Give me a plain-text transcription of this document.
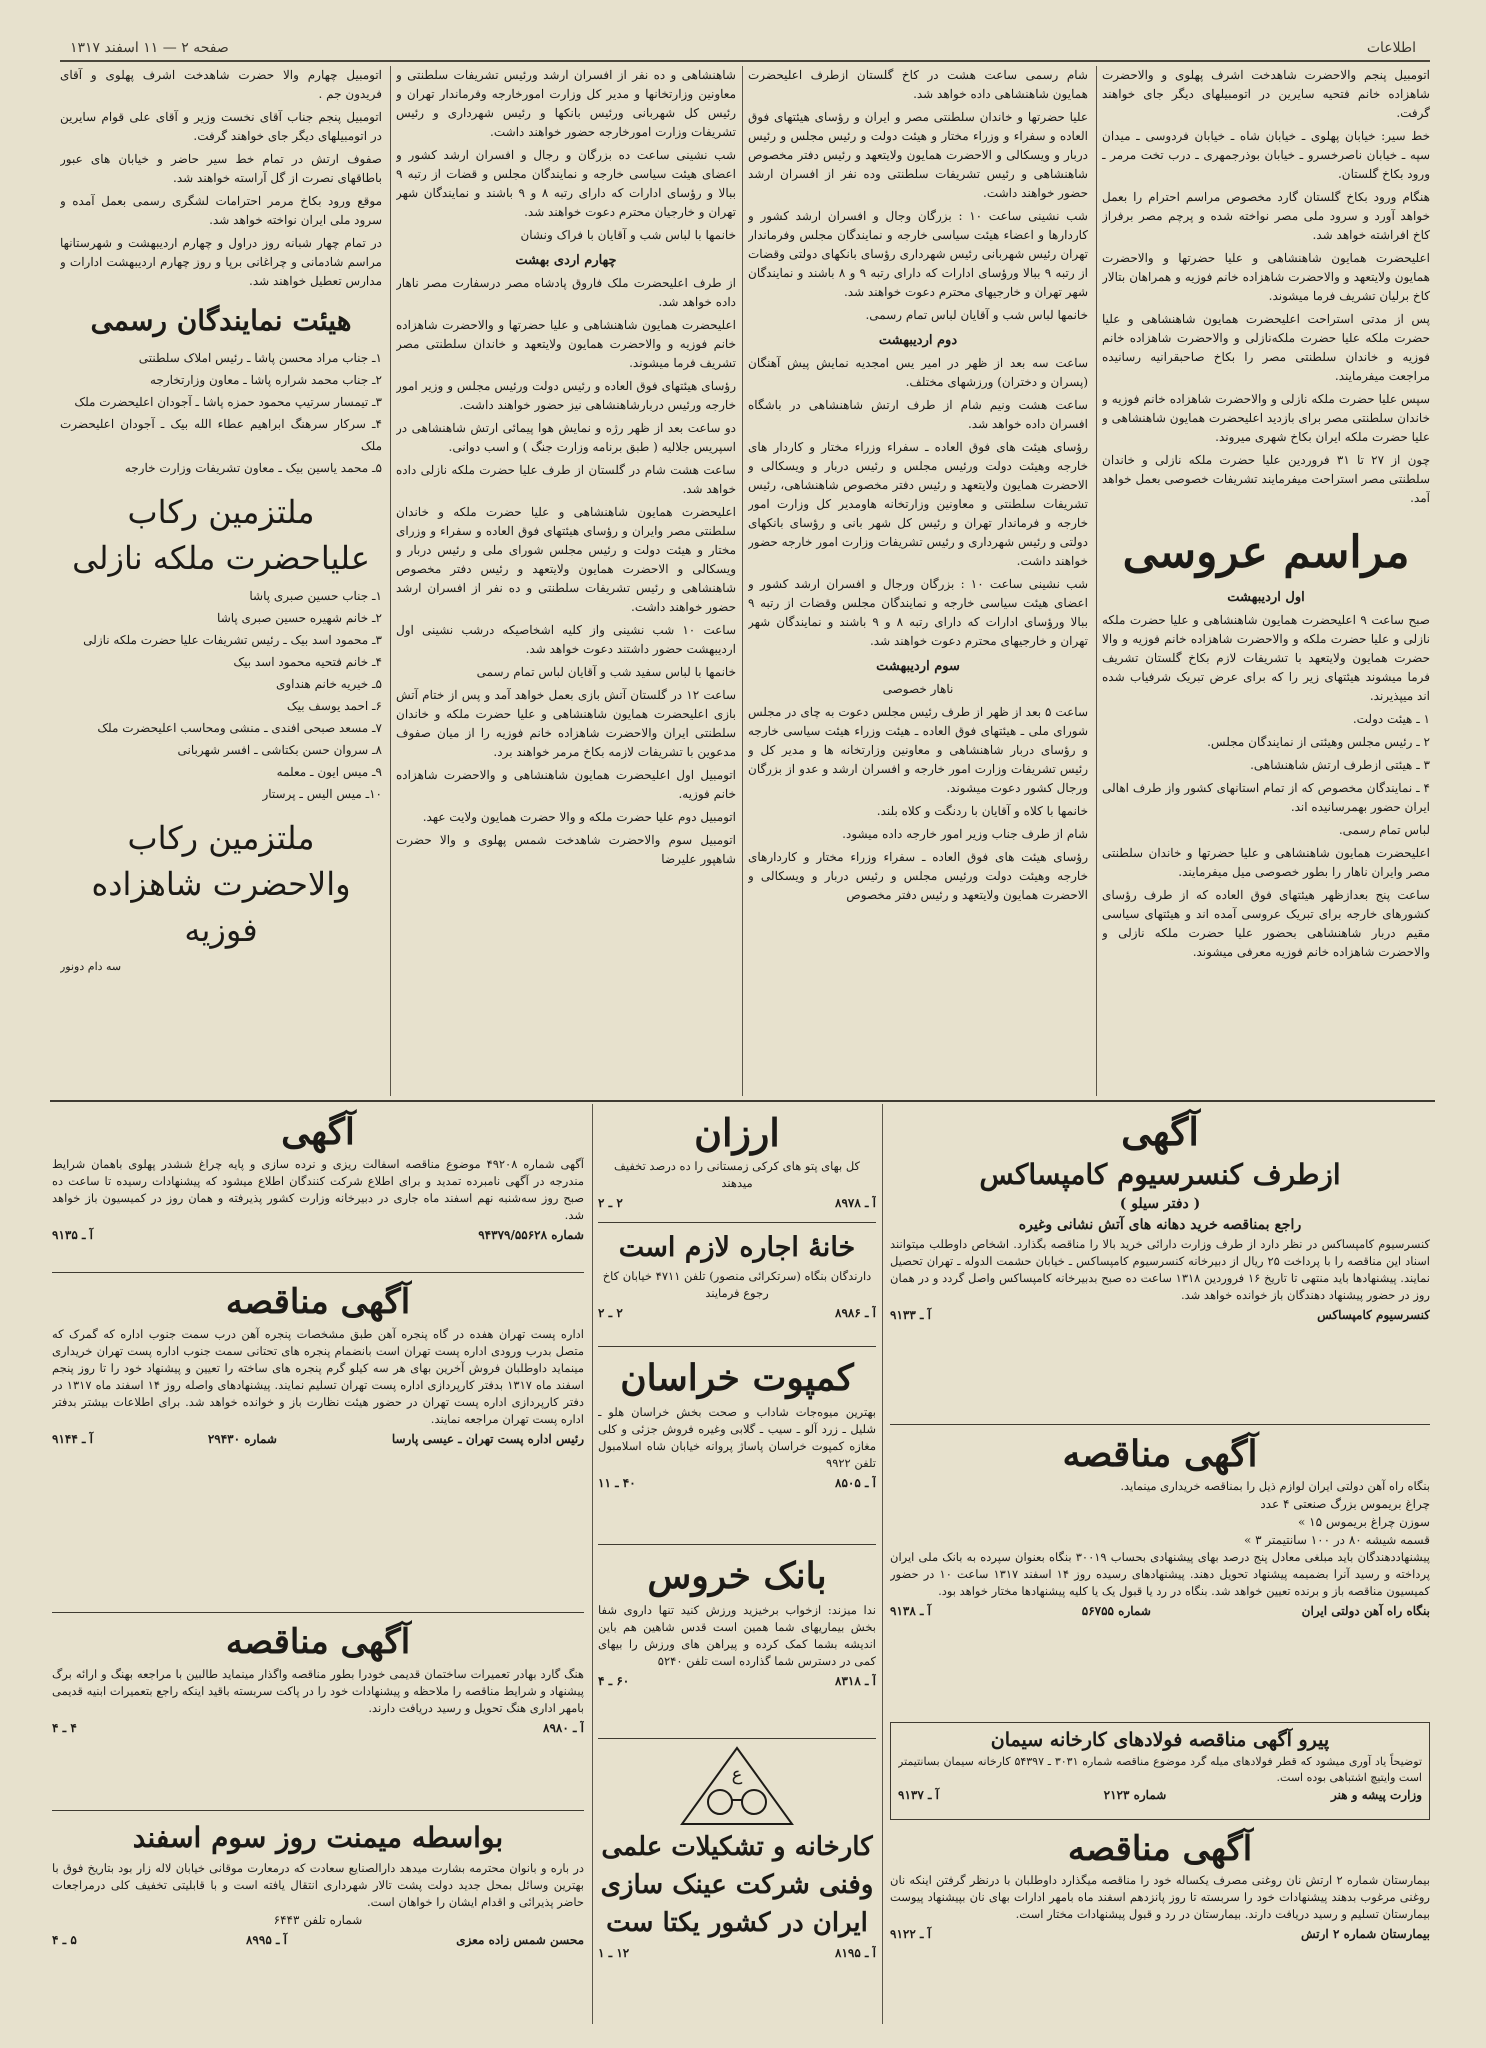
اطلاعات
صفحه ۲ — ۱۱ اسفند ۱۳۱۷

اتومبیل پنجم والاحضرت شاهدخت اشرف پهلوی و والاحضرت شاهزاده خانم فتحیه سایرین در اتومبیلهای دیگر جای خواهند گرفت.

خط سیر: خیابان پهلوی ـ خیابان شاه ـ خیابان فردوسی ـ میدان سپه ـ خیابان ناصرخسرو ـ خیابان بوذرجمهری ـ درب تخت مرمر ـ ورود بکاخ گلستان.

هنگام ورود بکاخ گلستان گارد مخصوص مراسم احترام را بعمل خواهد آورد و سرود ملی مصر نواخته شده و پرچم مصر برفراز کاخ افراشته خواهد شد.

اعلیحضرت همایون شاهنشاهی و علیا حضرتها و والاحضرت همایون ولایتعهد و والاحضرت شاهزاده خانم فوزیه و همراهان بتالار کاخ برلیان تشریف فرما میشوند.

پس از مدتی استراحت اعلیحضرت همایون شاهنشاهی و علیا حضرت ملکه علیا حضرت ملکه‌نازلی و والاحضرت شاهزاده خانم فوزیه و خاندان سلطنتی مصر را بکاخ صاحبقرانیه رسانیده مراجعت میفرمایند.

سپس علیا حضرت ملکه نازلی و والاحضرت شاهزاده خانم فوزیه و خاندان سلطنتی مصر برای بازدید اعلیحضرت همایون شاهنشاهی و علیا حضرت ملکه ایران بکاخ شهری میروند.

چون از ۲۷ تا ۳۱ فروردین علیا حضرت ملکه نازلی و خاندان سلطنتی مصر استراحت میفرمایند تشریفات خصوصی بعمل خواهد آمد.

مراسم عروسی
اول اردیبهشت

صبح ساعت ۹ اعلیحضرت همایون شاهنشاهی و علیا حضرت ملکه نازلی و علیا حضرت ملکه و والاحضرت شاهزاده خانم فوزیه و والا حضرت همایون ولایتعهد با تشریفات لازم بکاخ گلستان تشریف فرما میشوند هیئتهای زیر را که برای عرض تبریک شرفیاب شده اند میپذیرند.

۱ ـ هیئت دولت.

۲ ـ رئیس مجلس وهیئتی از نمایندگان مجلس.

۳ ـ هیئتی ازطرف ارتش شاهنشاهی.

۴ ـ نمایندگان مخصوص که از تمام استانهای کشور واز طرف اهالی ایران حضور بهمرسانیده اند.

لباس تمام رسمی.

اعلیحضرت همایون شاهنشاهی و علیا حضرتها و خاندان سلطنتی مصر وایران ناهار را بطور خصوصی میل میفرمایند.

ساعت پنج بعدازظهر هیئتهای فوق العاده که از طرف رؤسای کشورهای خارجه برای تبریک عروسی آمده اند و هیئتهای سیاسی مقیم دربار شاهنشاهی بحضور علیا حضرت ملکه نازلی و والاحضرت شاهزاده خانم فوزیه معرفی میشوند.

شام رسمی ساعت هشت در کاخ گلستان ازطرف اعلیحضرت همایون شاهنشاهی داده خواهد شد.

علیا حضرتها و خاندان سلطنتی مصر و ایران و رؤسای هیئتهای فوق العاده و سفراء و وزراء مختار و هیئت دولت و رئیس مجلس و رئیس دربار و ویسکالی و الاحضرت همایون ولایتعهد و رئیس دفتر مخصوص شاهنشاهی و رئیس تشریفات سلطنتی وده نفر از افسران ارشد حضور خواهند داشت.

شب نشینی ساعت ۱۰ : بزرگان وجال و افسران ارشد کشور و کاردارها و اعضاء هیئت سیاسی خارجه و نمایندگان مجلس وفرماندار تهران رئیس شهربانی رئیس شهرداری رؤسای بانکهای دولتی وقضات از رتبه ۹ ببالا ورؤسای ادارات که دارای رتبه ۹ و ۸ باشند و نمایندگان شهر تهران و خارجیهای محترم دعوت خواهند شد.

خانمها لباس شب و آقایان لباس تمام رسمی.

دوم اردیبهشت

ساعت سه بعد از ظهر در امیر یس امجدیه نمایش پیش آهنگان (پسران و دختران) ورزشهای مختلف.

ساعت هشت ونیم شام از طرف ارتش شاهنشاهی در باشگاه افسران داده خواهد شد.

رؤسای هیئت های فوق العاده ـ سفراء وزراء مختار و کاردار های خارجه وهیئت دولت ورئیس مجلس و رئیس دربار و ویسکالی و الاحضرت همایون ولایتعهد و رئیس دفتر مخصوص شاهنشاهی، رئیس تشریفات سلطنتی و معاونین وزارتخانه هاومدیر کل وزارت امور خارجه و فرماندار تهران و رئیس کل شهر بانی و رؤسای بانکهای دولتی و رئیس شهرداری و رئیس تشریفات وزارت امور خارجه حضور خواهند داشت.

شب نشینی ساعت ۱۰ : بزرگان ورجال و افسران ارشد کشور و اعضای هیئت سیاسی خارجه و نمایندگان مجلس وقضات از رتبه ۹ ببالا ورؤسای ادارات که دارای رتبه ۸ و ۹ باشند و نمایندگان شهر تهران و خارجیهای محترم دعوت خواهند شد.

سوم اردیبهشت

ناهار خصوصی

ساعت ۵ بعد از ظهر از طرف رئیس مجلس دعوت به چای در مجلس شورای ملی ـ هیئتهای فوق العاده ـ هیئت وزراء هیئت سیاسی خارجه و رؤسای دربار شاهنشاهی و معاونین وزارتخانه ها و مدیر کل و رئیس تشریفات وزارت امور خارجه و افسران ارشد و عدو از بزرگان ورجال کشور دعوت میشوند.

خانمها با کلاه و آقایان با ردنگت و کلاه بلند.

شام از طرف جناب وزیر امور خارجه داده میشود.

رؤسای هیئت های فوق العاده ـ سفراء وزراء مختار و کاردارهای خارجه وهیئت دولت ورئیس مجلس و رئیس دربار و ویسکالی و الاحضرت همایون ولایتعهد و رئیس دفتر مخصوص

شاهنشاهی و ده نفر از افسران ارشد ورئیس تشریفات سلطنتی و معاونین وزارتخانها و مدیر کل وزارت امورخارجه وفرماندار تهران و رئیس کل شهربانی ورئیس بانکها و رئیس شهرداری و رئیس تشریفات وزارت امورخارجه حضور خواهند داشت.

شب نشینی ساعت ده بزرگان و رجال و افسران ارشد کشور و اعضای هیئت سیاسی خارجه و نمایندگان مجلس و قضات از رتبه ۹ ببالا و رؤسای ادارات که دارای رتبه ۸ و ۹ باشند و نمایندگان شهر تهران و خارجیان محترم دعوت خواهند شد.

خانمها با لباس شب و آقایان با فراک ونشان

چهارم اردی بهشت

از طرف اعلیحضرت ملک فاروق پادشاه مصر درسفارت مصر ناهار داده خواهد شد.

اعلیحضرت همایون شاهنشاهی و علیا حضرتها و والاحضرت شاهزاده خانم فوزیه و والاحضرت همایون ولایتعهد و خاندان سلطنتی مصر تشریف فرما میشوند.

رؤسای هیئتهای فوق العاده و رئیس دولت ورئیس مجلس و وزیر امور خارجه ورئیس دربارشاهنشاهی نیز حضور خواهند داشت.

دو ساعت بعد از ظهر رژه و نمایش هوا پیمائی ارتش شاهنشاهی در اسپریس جلالیه ( طبق برنامه وزارت جنگ ) و اسب دوانی.

ساعت هشت شام در گلستان از طرف علیا حضرت ملکه نازلی داده خواهد شد.

اعلیحضرت همایون شاهنشاهی و علیا حضرت ملکه و خاندان سلطنتی مصر وایران و رؤسای هیئتهای فوق العاده و سفراء و وزرای مختار و هیئت دولت و رئیس مجلس شورای ملی و رئیس دربار و ویسکالی و الاحضرت همایون ولایتعهد و رئیس دفتر مخصوص شاهنشاهی و رئیس تشریفات سلطنتی و ده نفر از افسران ارشد حضور خواهند داشت.

ساعت ۱۰ شب نشینی واز کلیه اشخاصیکه درشب نشینی اول اردیبهشت حضور داشتند دعوت خواهد شد.

خانمها با لباس سفید شب و آقایان لباس تمام رسمی

ساعت ۱۲ در گلستان آتش بازی بعمل خواهد آمد و پس از ختام آتش بازی اعلیحضرت همایون شاهنشاهی و علیا حضرت ملکه و خاندان سلطنتی ایران والاحضرت شاهزاده خانم فوزیه را از میان صفوف مدعوین با تشریفات لازمه بکاخ مرمر خواهند برد.

اتومبیل اول اعلیحضرت همایون شاهنشاهی و والاحضرت شاهزاده خانم فوزیه.

اتومبیل دوم علیا حضرت ملکه و والا حضرت همایون ولایت عهد.

اتومبیل سوم والاحضرت شاهدخت شمس پهلوی و والا حضرت شاهپور علیرضا

اتومبیل چهارم والا حضرت شاهدخت اشرف پهلوی و آقای فریدون جم .

اتومبیل پنجم جناب آقای نخست وزیر و آقای علی قوام سایرین در اتومبیلهای دیگر جای خواهند گرفت.

صفوف ارتش در تمام خط سیر حاضر و خیابان های عبور باطاقهای نصرت از گل آراسته خواهند شد.

موقع ورود بکاخ مرمر احترامات لشگری رسمی بعمل آمده و سرود ملی ایران نواخته خواهد شد.

در تمام چهار شبانه روز دراول و چهارم اردیبهشت و شهرستانها مراسم شادمانی و چراغانی برپا و روز چهارم اردیبهشت ادارات و مدارس تعطیل خواهند شد.

هیئت نمایندگان رسمی
۱ـ جناب مراد محسن پاشا ـ رئیس املاک سلطنتی
۲ـ جناب محمد شراره پاشا ـ معاون وزارتخارجه
۳ـ تیمسار سرتیپ محمود حمزه پاشا ـ آجودان اعلیحضرت ملک
۴ـ سرکار سرهنگ ابراهیم عطاء الله بیک ـ آجودان اعلیحضرت ملک
۵ـ محمد یاسین بیک ـ معاون تشریفات وزارت خارجه
ملتزمین رکاب علیاحضرت ملکه نازلی
۱ـ جناب حسین صبری پاشا
۲ـ خانم شهیره حسین صبری پاشا
۳ـ محمود اسد بیک ـ رئیس تشریفات علیا حضرت ملکه نازلی
۴ـ خانم فتحیه محمود اسد بیک
۵ـ خیریه خانم هنداوی
۶ـ احمد یوسف بیک
۷ـ مسعد صبحی افندی ـ منشی ومحاسب اعلیحضرت ملک
۸ـ سروان حسن بکتاشی ـ افسر شهربانی
۹ـ میس ایون ـ معلمه
۱۰ـ میس الیس ـ پرستار
ملتزمین رکاب والاحضرت شاهزاده فوزیه
سه دام دونور
آگهی
ازطرف کنسرسیوم کامپساکس
( دفتر سیلو )
راجع بمناقصه خرید دهانه های آتش نشانی وغیره
کنسرسیوم کامپساکس در نظر دارد از طرف وزارت دارائی خرید بالا را مناقصه بگذارد. اشخاص داوطلب میتوانند اسناد این مناقصه را با پرداخت ۲۵ ریال از دبیرخانه کنسرسیوم کامپساکس ـ خیابان حشمت الدوله ـ تهران تحصیل نمایند. پیشنهادها باید منتهی تا تاریخ ۱۶ فروردین ۱۳۱۸ ساعت ده صبح بدبیرخانه کامپساکس واصل گردد و در همان روز در حضور پیشنهاد دهندگان باز خوانده خواهد شد.
کنسرسیوم کامپساکس
آ ـ ۹۱۳۳
آگهی مناقصه
بنگاه راه آهن دولتی ایران لوازم ذیل را بمناقصه خریداری مینماید.
چراغ بریموس بزرگ صنعتی ۴ عدد
سوزن چراغ بریموس ۱۵ »
قسمه شیشه ۸۰ در ۱۰۰ سانتیمتر ۳ »
پیشنهاددهندگان باید مبلغی معادل پنج درصد بهای پیشنهادی بحساب ۳۰۰۱۹ بنگاه بعنوان سپرده به بانک ملی ایران پرداخته و رسید آنرا بضمیمه پیشنهاد تحویل دهند. پیشنهادهای رسیده روز ۱۴ اسفند ۱۳۱۷ ساعت ۱۰ در حضور کمیسیون مناقصه باز و برنده تعیین خواهد شد. بنگاه در رد یا قبول یک یا کلیه پیشنهادها مختار خواهد بود.
بنگاه راه آهن دولتی ایران
شماره ۵۶۷۵۵
آ ـ ۹۱۳۸
پیرو آگهی مناقصه فولادهای کارخانه سیمان
توضیحاً یاد آوری میشود که قطر فولادهای میله گرد موضوع مناقصه شماره ۳۰۳۱ ـ ۵۴۳۹۷ کارخانه سیمان بسانتیمتر است وایتیچ اشتباهی بوده است.
وزارت پیشه و هنر
شماره ۲۱۲۳
آ ـ ۹۱۳۷
آگهی مناقصه
بیمارستان شماره ۲ ارتش نان روغنی مصرف یکساله خود را مناقصه میگذارد داوطلبان با درنظر گرفتن اینکه نان روغنی مرغوب بدهند پیشنهادات خود را سربسته تا روز پانزدهم اسفند ماه بامهر ادارات بهای نان بپیشنهاد پیوست بیمارستان تسلیم و رسید دریافت دارند. بیمارستان در رد و قبول پیشنهادات مختار است.
بیمارستان شماره ۲ ارتش
آ ـ ۹۱۲۲
ارزان
کل بهای پتو های کرکی زمستانی را ده درصد تخفیف میدهند
آ ـ ۸۹۷۸
۲ ـ ۲
خانهٔ اجاره لازم است
دارندگان بنگاه (سرتکرائی منصور) تلفن ۴۷۱۱ خیابان کاخ رجوع فرمایند
آ ـ ۸۹۸۶
۲ ـ ۲
کمپوت خراسان
بهترین میوه‌جات شاداب و صحت بخش خراسان هلو ـ شلیل ـ زرد آلو ـ سیب ـ گلابی وغیره فروش جزئی و کلی مغازه کمپوت خراسان پاساژ پروانه خیابان شاه اسلامبول تلفن ۹۹۲۲
آ ـ ۸۵۰۵
۴۰ ـ ۱۱
بانک خروس
ندا میزند: ازخواب برخیزید ورزش کنید تنها داروی شفا بخش بیماریهای شما همین است قدس شاهین هم باین اندیشه بشما کمک کرده و پیراهن های ورزش را بیهای کمی در دسترس شما گذارده است تلفن ۵۲۴۰
آ ـ ۸۳۱۸
۶۰ ـ ۴
ع
کارخانه و تشکیلات علمی وفنی شرکت عینک سازی ایران در کشور یکتا ست
آ ـ ۸۱۹۵
۱۲ ـ ۱
آگهی
آگهی شماره ۴۹۲۰۸ موضوع مناقصه اسفالت ریزی و نرده سازی و پایه چراغ ششدر پهلوی باهمان شرایط مندرجه در آگهی نامبرده تمدید و برای اطلاع شرکت کنندگان اطلاع میشود که پیشنهادات رسیده تا ساعت ده صبح روز سه‌شنبه نهم اسفند ماه جاری در دبیرخانه وزارت کشور پذیرفته و همان روز در کمیسیون باز خواهد شد.
شماره ۹۴۳۷۹/۵۵۶۲۸
آ ـ ۹۱۳۵
آگهی مناقصه
اداره پست تهران هفده در گاه پنجره آهن طبق مشخصات پنجره آهن درب سمت جنوب اداره که گمرک که متصل بدرب ورودی اداره پست تهران است بانضمام پنجره های تحتانی سمت جنوب اداره پست تهران خریداری مینماید داوطلبان فروش آخرین بهای هر سه کیلو گرم پنجره های ساخته را تعیین و پیشنهاد خود را تا روز پنجم اسفند ماه ۱۳۱۷ بدفتر کارپردازی اداره پست تهران تسلیم نمایند. پیشنهادهای واصله روز ۱۴ اسفند ماه ۱۳۱۷ در دفتر کارپردازی اداره پست تهران در حضور هیئت نظارت باز و خوانده خواهد شد. برای اطلاعات بیشتر بدفتر اداره پست تهران مراجعه نمایند.
رئیس اداره پست تهران ـ عیسی پارسا
شماره ۲۹۴۳۰
آ ـ ۹۱۴۴
آگهی مناقصه
هنگ گارد بهادر تعمیرات ساختمان قدیمی خودرا بطور مناقصه واگذار مینماید طالبین با مراجعه بهنگ و ارائه برگ پیشنهاد و شرایط مناقصه را ملاحظه و پیشنهادات خود را در پاکت سربسته باقید اینکه راجع بتعمیرات ابنیه قدیمی بامهر اداری هنگ تحویل و رسید دریافت دارند.
آ ـ ۸۹۸۰
۴ ـ ۴
بواسطه میمنت روز سوم اسفند
در باره و بانوان محترمه بشارت میدهد دارالصنایع سعادت که درمعارت موقانی خیابان لاله زار بود بتاریخ فوق با بهترین وسائل بمحل جدید دولت پشت تالار شهرداری انتقال یافته است و با قابلیتی تخفیف کلی درمراجعات حاضر پذیرائی و اقدام ایشان را خواهان است.
شماره تلفن ۶۴۴۳
محسن شمس زاده معزی
آ ـ ۸۹۹۵
۵ ـ ۴
